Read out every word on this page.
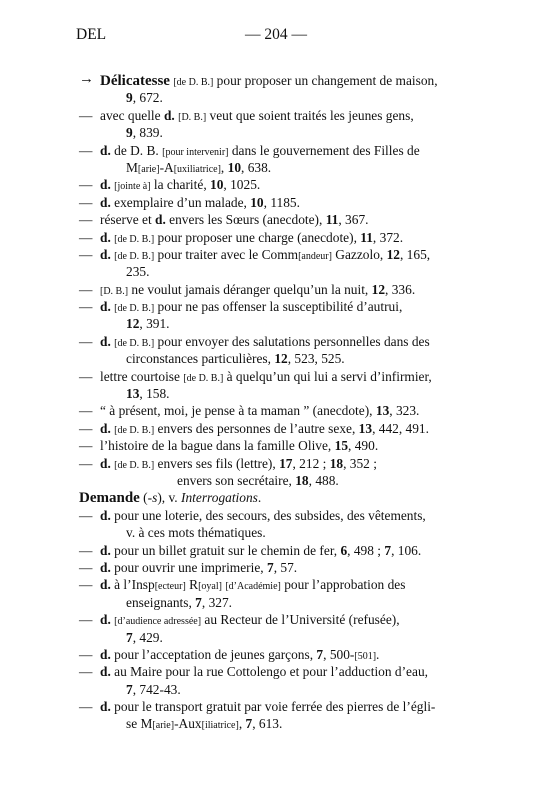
DEL	— 204 —
→ Délicatesse [de D. B.] pour proposer un changement de maison,
9, 672.
— avec quelle d. [D. B.] veut que soient traités les jeunes gens,
9, 839.
— d. de D. B. [pour intervenir] dans le gouvernement des Filles de
M[arie]-A[uxiliatrice], 10, 638.
— d. [jointe à] la charité, 10, 1025.
— d. exemplaire d’un malade, 10, 1185.
— réserve et d. envers les Sœurs (anecdote), 11, 367.
— d. [de D. B.] pour proposer une charge (anecdote), 11, 372.
— d. [de D. B.] pour traiter avec le Comm[andeur] Gazzolo, 12, 165,
235.
— [D. B.] ne voulut jamais déranger quelqu’un la nuit, 12, 336.
— d. [de D. B.] pour ne pas offenser la susceptibilité d’autrui,
12, 391.
— d. [de D. B.] pour envoyer des salutations personnelles dans des
circonstances particulières, 12, 523, 525.
— lettre courtoise [de D. B.] à quelqu’un qui lui a servi d’infirmier,
13, 158.
— “ à présent, moi, je pense à ta maman ” (anecdote), 13, 323.
— d. [de D. B.] envers des personnes de l’autre sexe, 13, 442, 491.
— l’histoire de la bague dans la famille Olive, 15, 490.
— d. [de D. B.] envers ses fils (lettre), 17, 212 ; 18, 352 ;
envers son secrétaire, 18, 488.
Demande (-s), v. Interrogations.
— d. pour une loterie, des secours, des subsides, des vêtements,
v. à ces mots thématiques.
— d. pour un billet gratuit sur le chemin de fer, 6, 498 ; 7, 106.
— d. pour ouvrir une imprimerie, 7, 57.
— d. à l’Insp[ecteur] R[oyal] [d’Académie] pour l’approbation des
enseignants, 7, 327.
— d. [d’audience adressée] au Recteur de l’Université (refusée),
7, 429.
— d. pour l’acceptation de jeunes garçons, 7, 500-[501].
— d. au Maire pour la rue Cottolengo et pour l’adduction d’eau,
7, 742-43.
— d. pour le transport gratuit par voie ferrée des pierres de l’égli-
se M[arie]-Aux[iliatrice], 7, 613.
